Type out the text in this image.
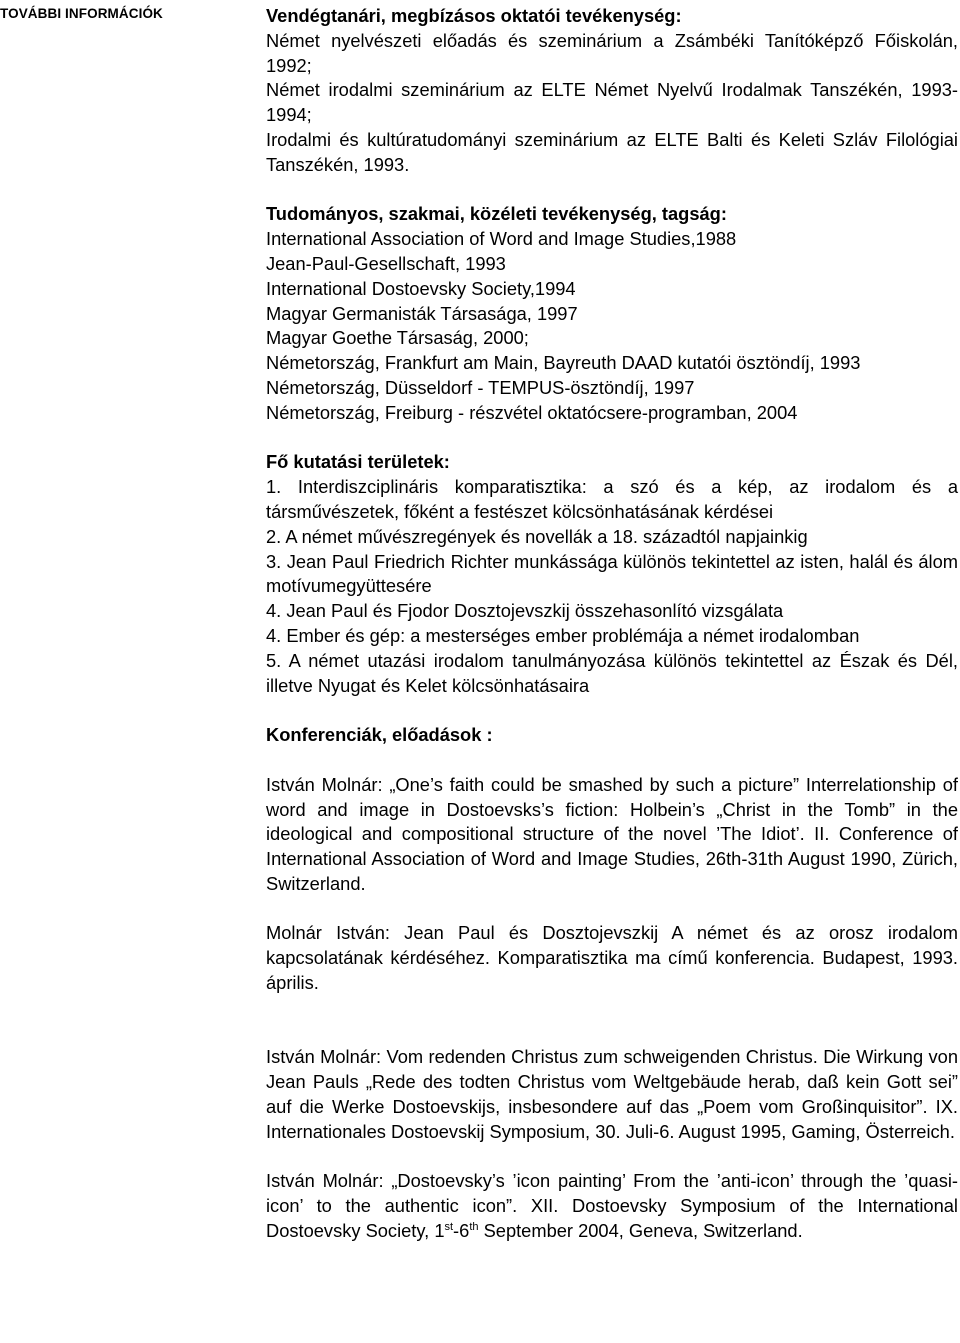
TOVÁBBI INFORMÁCIÓK	Vendégtanári, megbízásos oktatói tevékenység:
Német nyelvészeti előadás és szeminárium a Zsámbéki Tanítóképző Főiskolán, 1992;
Német irodalmi szeminárium az ELTE Német Nyelvű Irodalmak Tanszékén, 1993-1994;
Irodalmi és kultúratudományi szeminárium az ELTE Balti és Keleti Szláv Filológiai Tanszékén, 1993.
Tudományos, szakmai, közéleti tevékenység, tagság:
International Association of Word and Image Studies,1988
Jean-Paul-Gesellschaft, 1993
International Dostoevsky Society,1994
Magyar Germanisták Társasága, 1997
Magyar Goethe Társaság, 2000;
Németország, Frankfurt am Main, Bayreuth DAAD kutatói ösztöndíj, 1993
Németország, Düsseldorf - TEMPUS-ösztöndíj, 1997
Németország, Freiburg - részvétel oktatócsere-programban, 2004
Fő kutatási területek:
1. Interdiszciplináris komparatisztika: a szó és a kép, az irodalom és a társművészetek, főként a festészet kölcsönhatásának kérdései
2. A német művészregények és novellák a 18. századtól napjainkig
3. Jean Paul Friedrich Richter munkássága különös tekintettel az isten, halál és álom motívumegyüttesére
4. Jean Paul és Fjodor Dosztojevszkij összehasonlító vizsgálata
4. Ember és gép: a mesterséges ember problémája a német irodalomban
5. A német utazási irodalom tanulmányozása különös tekintettel az Észak és Dél, illetve Nyugat és Kelet kölcsönhatásaira
Konferenciák, előadások :

István Molnár: „One’s faith could be smashed by such a picture” Interrelationship of word and image in Dostoevsks’s fiction: Holbein’s „Christ in the Tomb” in the ideological and compositional structure of the novel ’The Idiot’. II. Conference of International Association of Word and Image Studies, 26th-31th August 1990, Zürich, Switzerland.

Molnár István: Jean Paul és Dosztojevszkij A német és az orosz irodalom kapcsolatának kérdéséhez. Komparatisztika ma című konferencia. Budapest, 1993. április.

István Molnár: Vom redenden Christus zum schweigenden Christus. Die Wirkung von Jean Pauls „Rede des todten Christus vom Weltgebäude herab, daß kein Gott sei” auf die Werke Dostoevskijs, insbesondere auf das „Poem vom Großinquisitor”. IX. Internationales Dostoevskij Symposium, 30. Juli-6. August 1995, Gaming, Österreich.

István Molnár: „Dostoevsky’s ’icon painting’ From the ’anti-icon’ through the ’quasi-icon’ to the authentic icon”. XII. Dostoevsky Symposium of the International Dostoevsky Society, 1st-6th September 2004, Geneva, Switzerland.
